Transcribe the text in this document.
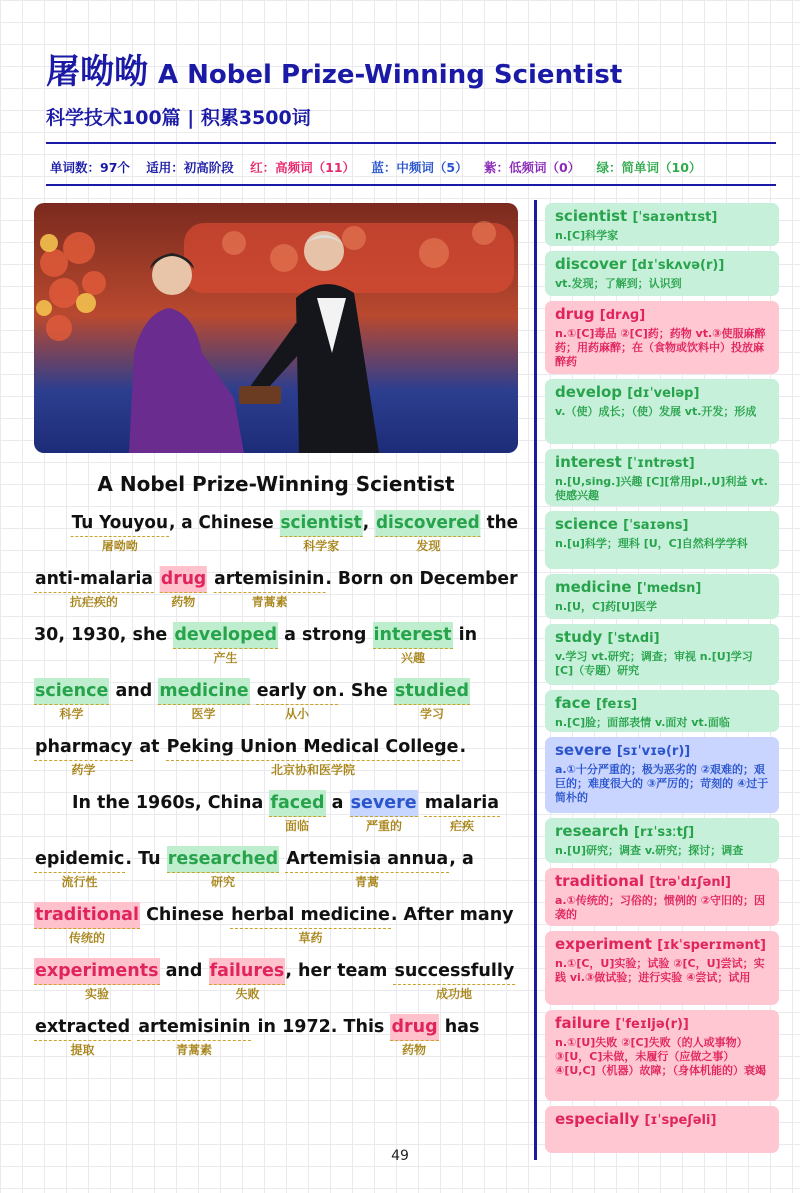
屠呦呦 A Nobel Prize-Winning Scientist
科学技术100篇 | 积累3500词
单词数：97个 适用：初高阶段 红：高频词（11） 蓝：中频词（5） 紫：低频词（0） 绿：简单词（10）
A Nobel Prize-Winning Scientist
Tu Youyou, a Chinese scientist, discovered the
屠呦呦	科学家	发现
anti-malaria drug artemisinin. Born on December
抗疟疾的	药物	青蒿素
30, 1930, she developed a strong interest in
产生	兴趣
science and medicine early on. She studied
科学	医学	从小	学习
pharmacy at Peking Union Medical College.
药学	北京协和医学院
In the 1960s, China faced a severe malaria
面临	严重的	疟疾
epidemic. Tu researched Artemisia annua, a
流行性	研究	青蒿
traditional Chinese herbal medicine. After many
传统的	草药
experiments and failures, her team successfully
实验	失败	成功地
extracted artemisinin in 1972. This drug has
提取	青蒿素	药物
scientist [ˈsaɪəntɪst]
n.[C]科学家
discover [dɪˈskʌvə(r)]
vt.发现；了解到；认识到
drug [drʌɡ]
n.①[C]毒品 ②[C]药；药物 vt.③使服麻醉药；用药麻醉；在（食物或饮料中）投放麻醉药
develop [dɪˈveləp]
v.（使）成长；（使）发展 vt.开发；形成
interest [ˈɪntrəst]
n.[U,sing.]兴趣 [C][常用pl.,U]利益 vt.使感兴趣
science [ˈsaɪəns]
n.[u]科学；理科 [U，C]自然科学学科
medicine ['medsn]
n.[U，C]药[U]医学
study [ˈstʌdi]
v.学习 vt.研究；调查；审视 n.[U]学习[C]（专题）研究
face [feɪs]
n.[C]脸；面部表情 v.面对 vt.面临
severe [sɪˈvɪə(r)]
a.①十分严重的；极为恶劣的 ②艰难的；艰巨的；难度很大的 ③严厉的；苛刻的 ④过于简朴的
research [rɪˈsɜːtʃ]
n.[U]研究；调查 v.研究；探讨；调查
traditional [trəˈdɪʃənl]
a.①传统的；习俗的；惯例的 ②守旧的；因袭的
experiment [ɪkˈsperɪmənt]
n.①[C，U]实验；试验 ②[C，U]尝试；实践 vi.③做试验；进行实验 ④尝试；试用
failure [ˈfeɪljə(r)]
n.①[U]失败 ②[C]失败（的人或事物） ③[U，C]未做，未履行（应做之事） ④[U,C]（机器）故障；（身体机能的）衰竭
especially [ɪˈspeʃəli]
49
